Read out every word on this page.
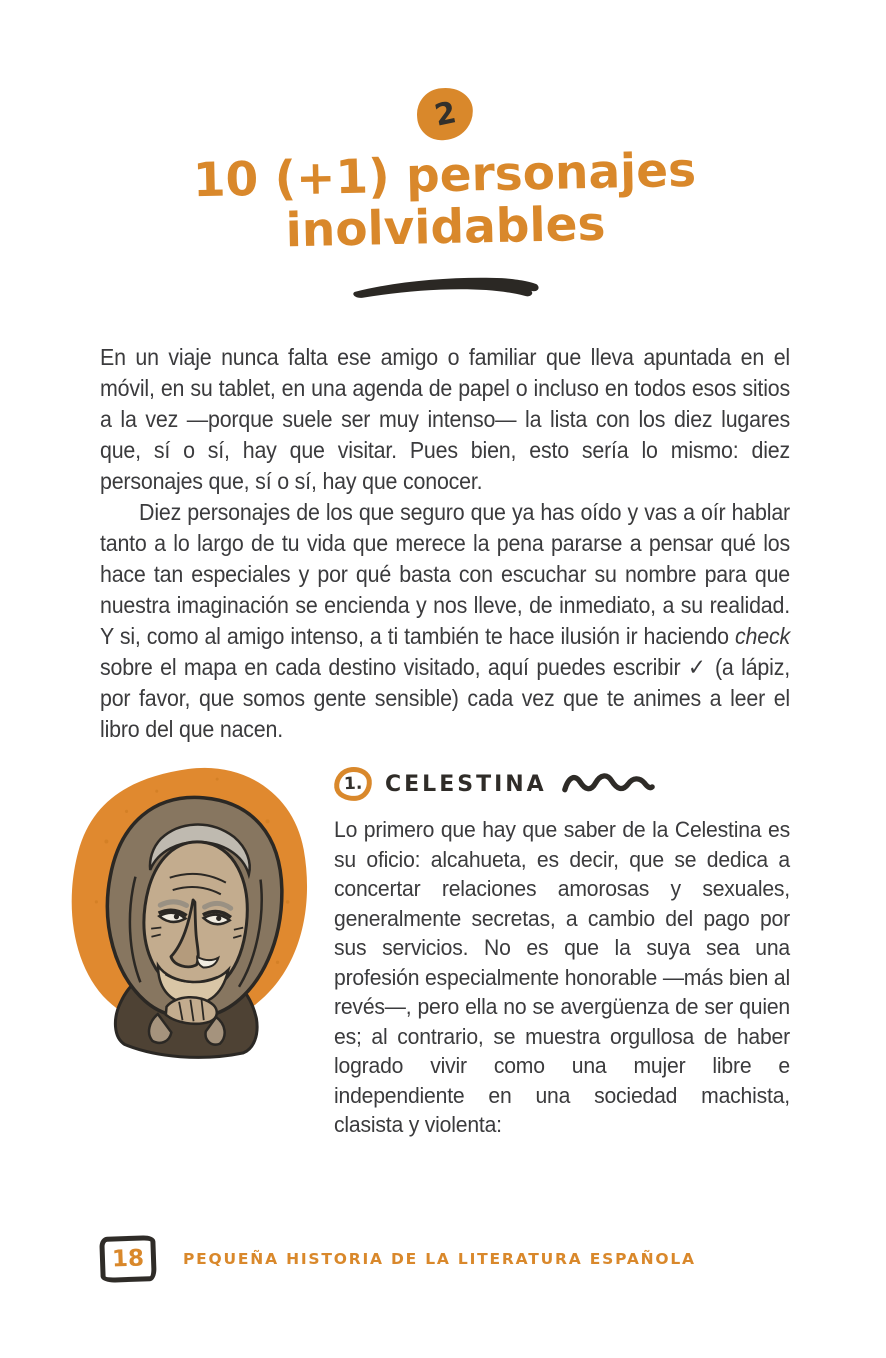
2
10 (+1) personajes
inolvidables

En un viaje nunca falta ese amigo o familiar que lleva apuntada en el móvil, en su tablet, en una agenda de papel o incluso en todos esos sitios a la vez —porque suele ser muy intenso— la lista con los diez lugares que, sí o sí, hay que visitar. Pues bien, esto sería lo mismo: diez personajes que, sí o sí, hay que conocer.

Diez personajes de los que seguro que ya has oído y vas a oír hablar tanto a lo largo de tu vida que merece la pena pararse a pensar qué los hace tan especiales y por qué basta con escuchar su nombre para que nuestra imaginación se encienda y nos lleve, de inmediato, a su realidad. Y si, como al amigo intenso, a ti también te hace ilusión ir haciendo check sobre el mapa en cada destino visitado, aquí puedes escribir ✓ (a lápiz, por favor, que somos gente sensible) cada vez que te animes a leer el libro del que nacen.

1. CELESTINA

Lo primero que hay que saber de la Celestina es su oficio: alcahueta, es decir, que se dedica a concertar relaciones amorosas y sexuales, generalmente secretas, a cambio del pago por sus servicios. No es que la suya sea una profesión especialmente honorable —más bien al revés—, pero ella no se avergüenza de ser quien es; al contrario, se muestra orgullosa de haber logrado vivir como una mujer libre e independiente en una sociedad machista, clasista y violenta:

18 PEQUEÑA HISTORIA DE LA LITERATURA ESPAÑOLA
